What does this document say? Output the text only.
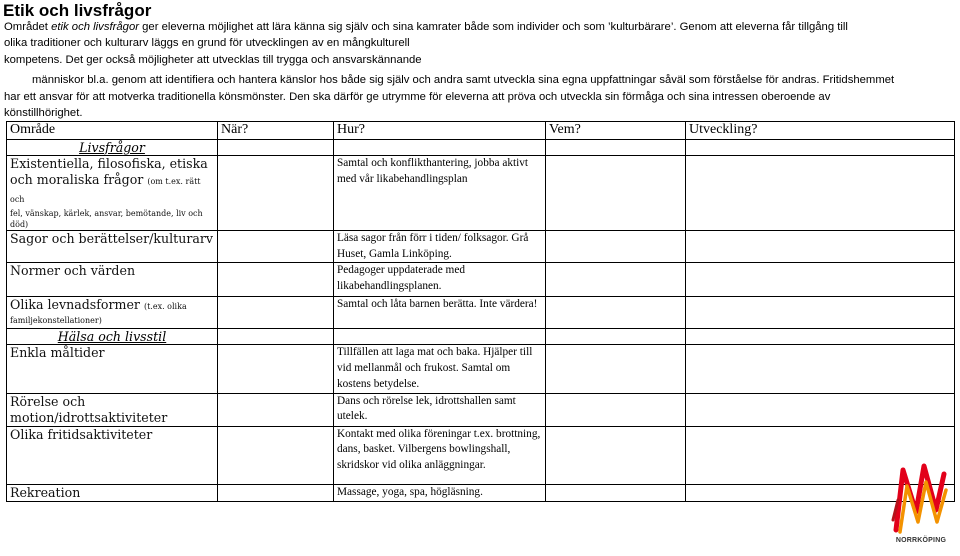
Etik och livsfrågor

Området etik och livsfrågor ger eleverna möjlighet att lära känna sig själv och sina kamrater både som individer och som ’kulturbärare’. Genom att eleverna får tillgång till

olika traditioner och kulturarv läggs en grund för utvecklingen av en mångkulturell

kompetens. Det ger också möjligheter att utvecklas till trygga och ansvarskännande

människor bl.a. genom att identifiera och hantera känslor hos både sig själv och andra samt utveckla sina egna uppfattningar såväl som förståelse för andras. Fritidshemmet

har ett ansvar för att motverka traditionella könsmönster. Den ska därför ge utrymme för eleverna att pröva och utveckla sin förmåga och sina intressen oberoende av

könstillhörighet.

Område	När?	Hur?	Vem?	Utveckling?
Livsfrågor				
Existentiella, filosofiska, etiska och moraliska frågor (om t.ex. rätt och
fel, vänskap, kärlek, ansvar, bemötande, liv och död)		Samtal och konflikthantering, jobba aktivt med vår likabehandlingsplan		
Sagor och berättelser/kulturarv		Läsa sagor från förr i tiden/ folksagor. Grå Huset, Gamla Linköping.		
Normer och värden		Pedagoger uppdaterade med likabehandlingsplanen.		
Olika levnadsformer (t.ex. olika
familjekonstellationer)		Samtal och låta barnen berätta. Inte värdera!		
Hälsa och livsstil				
Enkla måltider		Tillfällen att laga mat och baka. Hjälper till vid mellanmål och frukost. Samtal om kostens betydelse.		
Rörelse och motion/idrottsaktiviteter		Dans och rörelse lek, idrottshallen samt utelek.		
Olika fritidsaktiviteter		Kontakt med olika föreningar t.ex. brottning, dans, basket. Vilbergens bowlingshall, skridskor vid olika anläggningar.		
Rekreation		Massage, yoga, spa, högläsning.		
NORRKÖPING
